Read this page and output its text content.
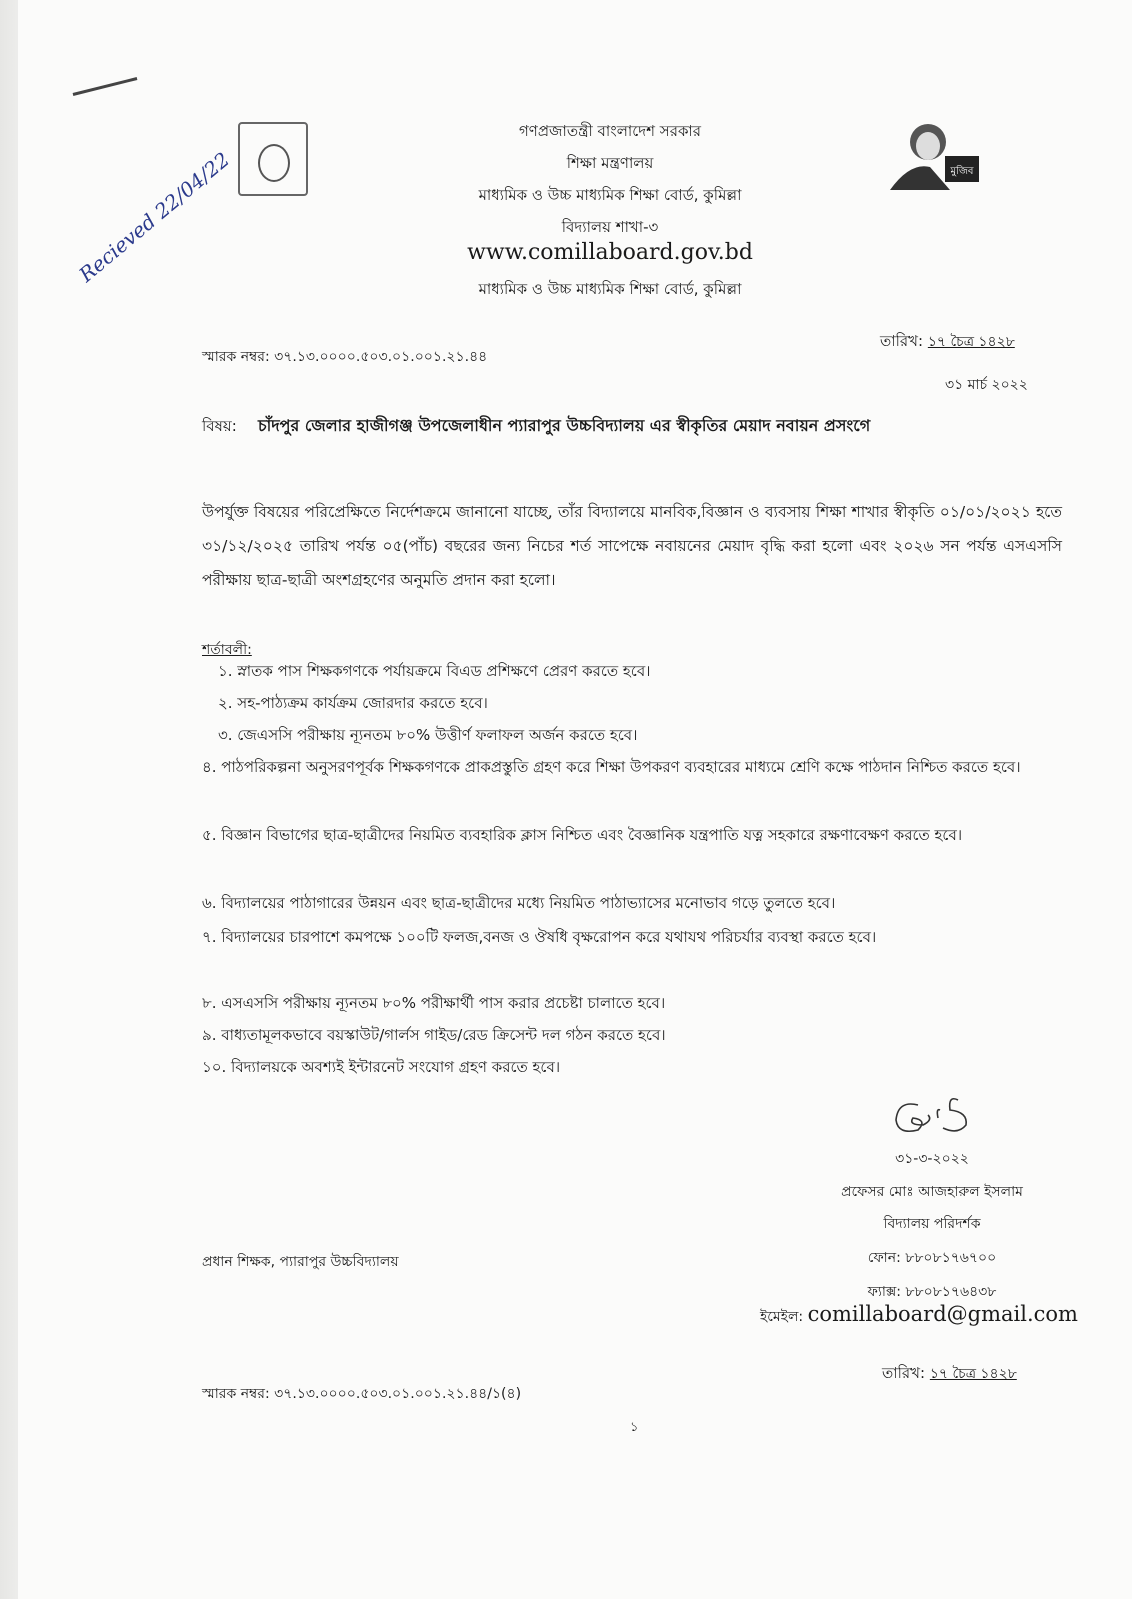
মুজিব
গণপ্রজাতন্ত্রী বাংলাদেশ সরকার
শিক্ষা মন্ত্রণালয়
মাধ্যমিক ও উচ্চ মাধ্যমিক শিক্ষা বোর্ড, কুমিল্লা
বিদ্যালয় শাখা-৩
www.comillaboard.gov.bd
মাধ্যমিক ও উচ্চ মাধ্যমিক শিক্ষা বোর্ড, কুমিল্লা
Recieved 22/04/22
স্মারক নম্বর: ৩৭.১৩.০০০০.৫০৩.০১.০০১.২১.৪৪
তারিখ: ১৭ চৈত্র ১৪২৮
৩১ মার্চ ২০২২
বিষয়: চাঁদপুর জেলার হাজীগঞ্জ উপজেলাধীন প্যারাপুর উচ্চবিদ্যালয় এর স্বীকৃতির মেয়াদ নবায়ন প্রসংগে
উপর্যুক্ত বিষয়ের পরিপ্রেক্ষিতে নির্দেশক্রমে জানানো যাচ্ছে, তাঁর বিদ্যালয়ে মানবিক,বিজ্ঞান ও ব্যবসায় শিক্ষা শাখার স্বীকৃতি ০১/০১/২০২১ হতে ৩১/১২/২০২৫ তারিখ পর্যন্ত ০৫(পাঁচ) বছরের জন্য নিচের শর্ত সাপেক্ষে নবায়নের মেয়াদ বৃদ্ধি করা হলো এবং ২০২৬ সন পর্যন্ত এসএসসি পরীক্ষায় ছাত্র-ছাত্রী অংশগ্রহণের অনুমতি প্রদান করা হলো।
শর্তাবলী:
১. স্নাতক পাস শিক্ষকগণকে পর্যায়ক্রমে বিএড প্রশিক্ষণে প্রেরণ করতে হবে।
২. সহ-পাঠ্যক্রম কার্যক্রম জোরদার করতে হবে।
৩. জেএসসি পরীক্ষায় ন্যূনতম ৮০% উত্তীর্ণ ফলাফল অর্জন করতে হবে।
৪. পাঠপরিকল্পনা অনুসরণপূর্বক শিক্ষকগণকে প্রাকপ্রস্তুতি গ্রহণ করে শিক্ষা উপকরণ ব্যবহারের মাধ্যমে শ্রেণি কক্ষে পাঠদান নিশ্চিত করতে হবে।
৫. বিজ্ঞান বিভাগের ছাত্র-ছাত্রীদের নিয়মিত ব্যবহারিক ক্লাস নিশ্চিত এবং বৈজ্ঞানিক যন্ত্রপাতি যত্ন সহকারে রক্ষণাবেক্ষণ করতে হবে।
৬. বিদ্যালয়ের পাঠাগারের উন্নয়ন এবং ছাত্র-ছাত্রীদের মধ্যে নিয়মিত পাঠাভ্যাসের মনোভাব গড়ে তুলতে হবে।
৭. বিদ্যালয়ের চারপাশে কমপক্ষে ১০০টি ফলজ,বনজ ও ঔষধি বৃক্ষরোপন করে যথাযথ পরিচর্যার ব্যবস্থা করতে হবে।
৮. এসএসসি পরীক্ষায় ন্যূনতম ৮০% পরীক্ষার্থী পাস করার প্রচেষ্টা চালাতে হবে।
৯. বাধ্যতামূলকভাবে বয়স্কাউট/গার্লস গাইড/রেড ক্রিসেন্ট দল গঠন করতে হবে।
১০. বিদ্যালয়কে অবশ্যই ইন্টারনেট সংযোগ গ্রহণ করতে হবে।
৩১-৩-২০২২
প্রফেসর মোঃ আজহারুল ইসলাম
বিদ্যালয় পরিদর্শক
ফোন: ৮৮০৮১৭৬৭০০
ফ্যাক্স: ৮৮০৮১৭৬৪৩৮
ইমেইল: comillaboard@gmail.com
প্রধান শিক্ষক, প্যারাপুর উচ্চবিদ্যালয়
স্মারক নম্বর: ৩৭.১৩.০০০০.৫০৩.০১.০০১.২১.৪৪/১(৪)
তারিখ: ১৭ চৈত্র ১৪২৮
১
